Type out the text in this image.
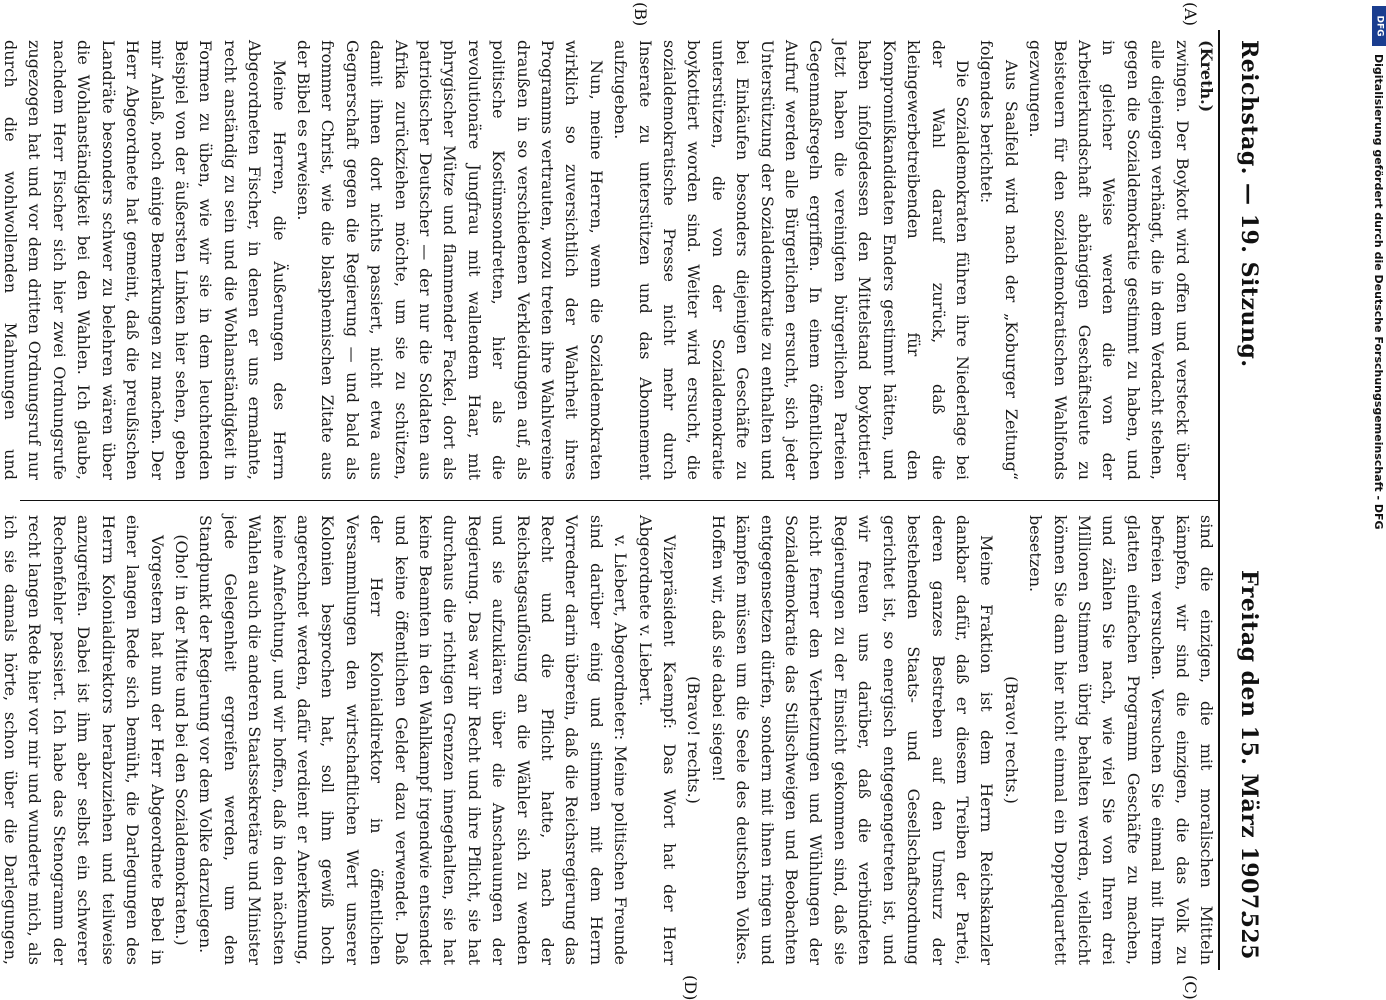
Reichstag. — 19. Sitzung.
Freitag den 15. März 1907.
525
(A)
(B)
(C)
(D)

(Kreth.)

zwingen. Der Boykott wird offen und versteckt über alle diejenigen verhängt, die in dem Verdacht stehen, gegen die Sozialdemokratie gestimmt zu haben, und in gleicher Weise werden die von der Arbeiterkundschaft abhängigen Geschäftsleute zu Beisteuern für den sozialdemokratischen Wahlfonds gezwungen.

Aus Saalfeld wird nach der „Koburger Zeitung“ folgendes berichtet:

Die Sozialdemokraten führen ihre Niederlage bei der Wahl darauf zurück, daß die kleingewerbetreibenden für den Kompromißkandidaten Enders gestimmt hätten, und haben infolgedessen den Mittelstand boykottiert. Jetzt haben die vereinigten bürgerlichen Parteien Gegenmaßregeln ergriffen. In einem öffentlichen Aufruf werden alle Bürgerlichen ersucht, sich jeder Unterstützung der Sozialdemokratie zu enthalten und bei Einkäufen besonders diejenigen Geschäfte zu unterstützen, die von der Sozialdemokratie boykottiert worden sind. Weiter wird ersucht, die sozialdemokratische Presse nicht mehr durch Inserate zu unterstützen und das Abonnement aufzugeben.

Nun, meine Herren, wenn die Sozialdemokraten wirklich so zuversichtlich der Wahrheit ihres Programms vertrauten, wozu treten ihre Wahlvereine draußen in so verschiedenen Verkleidungen auf, als politische Kostümsondretten, hier als die revolutionäre Jungfrau mit wallendem Haar, mit phrygischer Mütze und flammender Fackel, dort als patriotischer Deutscher — der nur die Soldaten aus Afrika zurückziehen möchte, um sie zu schützen, damit ihnen dort nichts passiert, nicht etwa aus Gegnerschaft gegen die Regierung — und bald als frommer Christ, wie die blasphemischen Zitate aus der Bibel es erweisen.

Meine Herren, die Äußerungen des Herrn Abgeordneten Fischer, in denen er uns ermahnte, recht anständig zu sein und die Wohlanständigkeit in Formen zu üben, wie wir sie in dem leuchtenden Beispiel von der äußersten Linken hier sehen, geben mir Anlaß, noch einige Bemerkungen zu machen. Der Herr Abgeordnete hat gemeint, daß die preußischen Landräte besonders schwer zu belehren wären über die Wohlanständigkeit bei den Wahlen. Ich glaube, nachdem Herr Fischer sich hier zwei Ordnungsrufe zugezogen hat und vor dem dritten Ordnungsruf nur durch die wohlwollenden Mahnungen und

sind die einzigen, die mit moralischen Mitteln kämpfen, wir sind die einzigen, die das Volk zu befreien versuchen. Versuchen Sie einmal mit Ihrem glatten einfachen Programm Geschäfte zu machen, und zählen Sie nach, wie viel Sie von Ihren drei Millionen Stimmen übrig behalten werden, vielleicht können Sie dann hier nicht einmal ein Doppelquartett besetzen.

(Bravo! rechts.)

Meine Fraktion ist dem Herrn Reichskanzler dankbar dafür, daß er diesem Treiben der Partei, deren ganzes Bestreben auf den Umsturz der bestehenden Staats- und Gesellschaftsordnung gerichtet ist, so energisch entgegengetreten ist, und wir freuen uns darüber, daß die verbündeten Regierungen zu der Einsicht gekommen sind, daß sie nicht ferner den Verhetzungen und Wühlungen der Sozialdemokratie das Stillschweigen und Beobachten entgegensetzen dürfen, sondern mit ihnen ringen und kämpfen müssen um die Seele des deutschen Volkes. Hoffen wir, daß sie dabei siegen!

(Bravo! rechts.)

Vizepräsident Kaempf: Das Wort hat der Herr Abgeordnete v. Liebert.

v. Liebert, Abgeordneter: Meine politischen Freunde sind darüber einig und stimmen mit dem Herrn Vorredner darin überein, daß die Reichsregierung das Recht und die Pflicht hatte, nach der Reichstagsauflösung an die Wähler sich zu wenden und sie aufzuklären über die Anschauungen der Regierung. Das war ihr Recht und ihre Pflicht, sie hat durchaus die richtigen Grenzen innegehalten, sie hat keine Beamten in den Wahlkampf irgendwie entsendet und keine öffentlichen Gelder dazu verwendet. Daß der Herr Kolonialdirektor in öffentlichen Versammlungen den wirtschaftlichen Wert unserer Kolonien besprochen hat, soll ihm gewiß hoch angerechnet werden, dafür verdient er Anerkennung, keine Anfechtung, und wir hoffen, daß in den nächsten Wahlen auch die anderen Staatssekretäre und Minister jede Gelegenheit ergreifen werden, um den Standpunkt der Regierung vor dem Volke darzulegen.

(Oho! in der Mitte und bei den Sozialdemokraten.)

Vorgestern hat nun der Herr Abgeordnete Bebel in einer langen Rede sich bemüht, die Darlegungen des Herrn Kolonialdirektors herabzuziehen und teilweise anzugreifen. Dabei ist ihm aber selbst ein schwerer Rechenfehler passiert. Ich habe das Stenogramm der recht langen Rede hier vor mir und wunderte mich, als ich sie damals hörte, schon über die Darlegungen,

DFG
Digitalisierung gefördert durch die Deutsche Forschungsgemeinschaft - DFG
